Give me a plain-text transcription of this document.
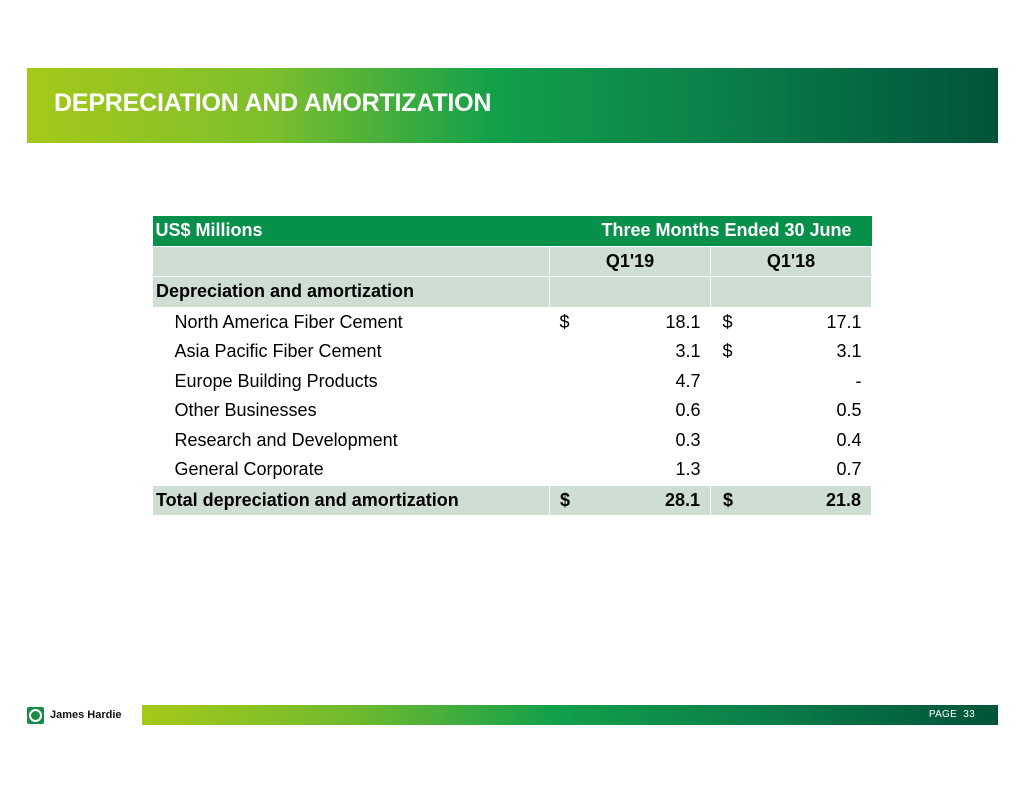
DEPRECIATION AND AMORTIZATION
US$ Millions	Three Months Ended 30 June	
	Q1'19	Q1'18
Depreciation and amortization		
North America Fiber Cement	$ 18.1	$ 17.1

Asia Pacific Fiber Cement	3.1	$ 3.1

Europe Building Products	4.7	-

Other Businesses	0.6	0.5

Research and Development	0.3	0.4

General Corporate	1.3	0.7

Total depreciation and amortization	$ 28.1	$ 21.8
James Hardie	PAGE 33
